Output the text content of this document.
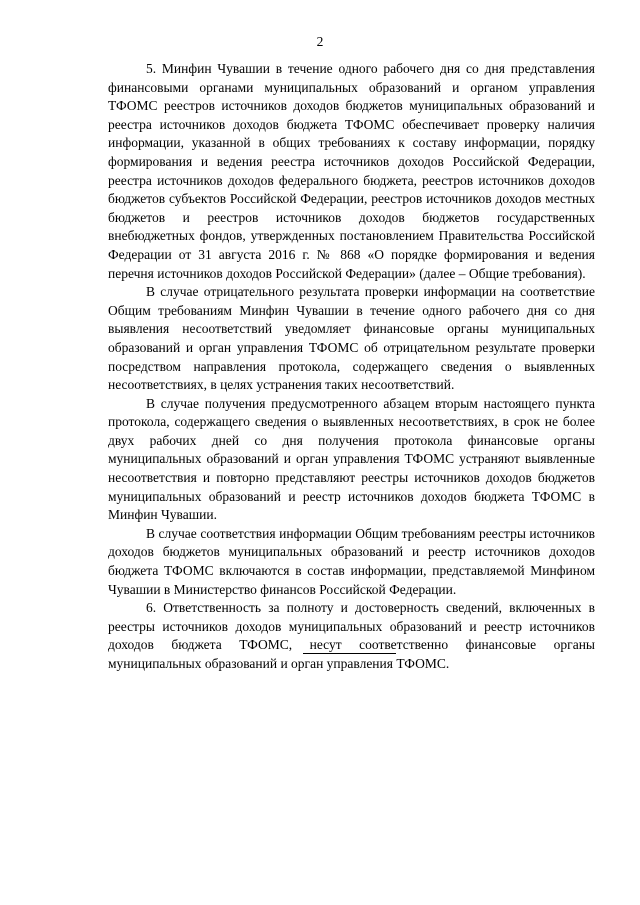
2

5. Минфин Чувашии в течение одного рабочего дня со дня представления финансовыми органами муниципальных образований и органом управления ТФОМС реестров источников доходов бюджетов муниципальных образований и реестра источников доходов бюджета ТФОМС обеспечивает проверку наличия информации, указанной в общих требованиях к составу информации, порядку формирования и ведения реестра источников доходов Российской Федерации, реестра источников доходов федерального бюджета, реестров источников доходов бюджетов субъектов Российской Федерации, реестров источников доходов местных бюджетов и реестров источников доходов бюджетов государственных внебюджетных фондов, утвержденных постановлением Правительства Российской Федерации от 31 августа 2016 г. № 868 «О порядке формирования и ведения перечня источников доходов Российской Федерации» (далее – Общие требования).

В случае отрицательного результата проверки информации на соответствие Общим требованиям Минфин Чувашии в течение одного рабочего дня со дня выявления несоответствий уведомляет финансовые органы муниципальных образований и орган управления ТФОМС об отрицательном результате проверки посредством направления протокола, содержащего сведения о выявленных несоответствиях, в целях устранения таких несоответствий.

В случае получения предусмотренного абзацем вторым настоящего пункта протокола, содержащего сведения о выявленных несоответствиях, в срок не более двух рабочих дней со дня получения протокола финансовые органы муниципальных образований и орган управления ТФОМС устраняют выявленные несоответствия и повторно представляют реестры источников доходов бюджетов муниципальных образований и реестр источников доходов бюджета ТФОМС в Минфин Чувашии.

В случае соответствия информации Общим требованиям реестры источников доходов бюджетов муниципальных образований и реестр источников доходов бюджета ТФОМС включаются в состав информации, представляемой Минфином Чувашии в Министерство финансов Российской Федерации.

6. Ответственность за полноту и достоверность сведений, включенных в реестры источников доходов муниципальных образований и реестр источников доходов бюджета ТФОМС, несут соответственно финансовые органы муниципальных образований и орган управления ТФОМС.
